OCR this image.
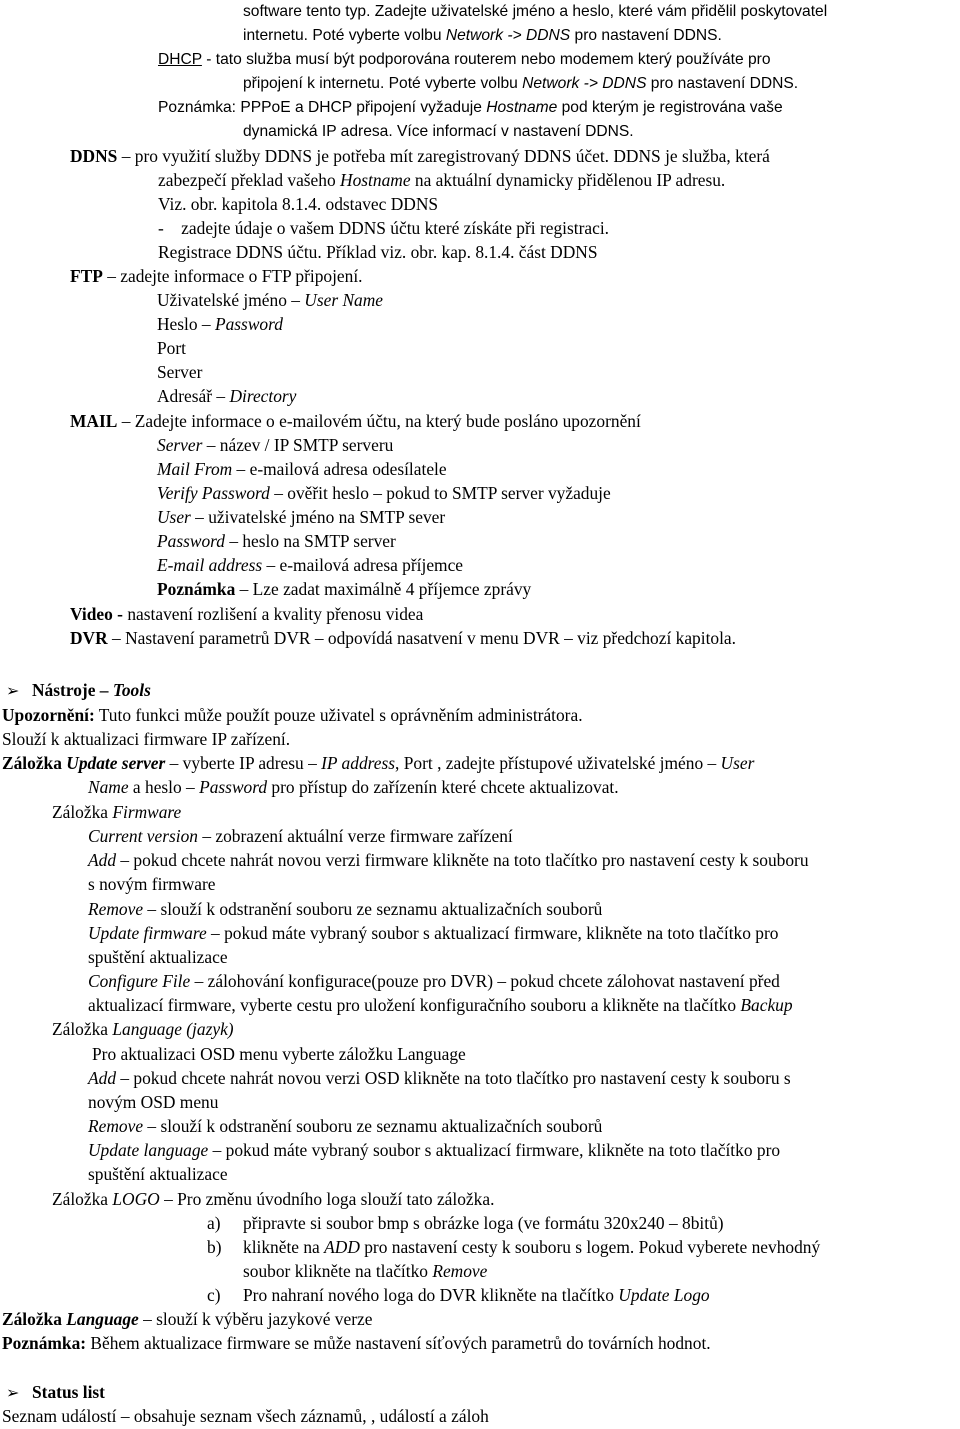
software tento typ. Zadejte uživatelské jméno a heslo, které vám přidělil poskytovatel
internetu. Poté vyberte volbu Network -> DDNS pro nastavení DDNS.
DHCP - tato služba musí být podporována routerem nebo modemem který používáte pro
připojení k internetu. Poté vyberte volbu Network -> DDNS pro nastavení DDNS.
Poznámka: PPPoE a DHCP připojení vyžaduje Hostname pod kterým je registrována vaše
dynamická IP adresa. Více informací v nastavení DDNS.
DDNS – pro využití služby DDNS je potřeba mít zaregistrovaný DDNS účet. DDNS je služba, která
zabezpečí překlad vašeho Hostname na aktuální dynamicky přidělenou IP adresu.
Viz. obr. kapitola 8.1.4. odstavec DDNS
-    zadejte údaje o vašem DDNS účtu které získáte při registraci.
Registrace DDNS účtu. Příklad viz. obr. kap. 8.1.4. část DDNS
FTP – zadejte informace o FTP připojení.
Uživatelské jméno – User Name
Heslo – Password
Port
Server
Adresář – Directory
MAIL – Zadejte informace o e-mailovém účtu, na který bude posláno upozornění
Server – název / IP SMTP serveru
Mail From – e-mailová adresa odesílatele
Verify Password – ověřit heslo – pokud to SMTP server vyžaduje
User – uživatelské jméno na SMTP sever
Password – heslo na SMTP server
E-mail address – e-mailová adresa příjemce
Poznámka – Lze zadat maximálně 4 příjemce zprávy
Video - nastavení rozlišení a kvality přenosu videa
DVR – Nastavení parametrů DVR – odpovídá nasatvení v menu DVR – viz předchozí kapitola.
➢ Nástroje – Tools
Upozornění: Tuto funkci může použít pouze uživatel s oprávněním administrátora.
Slouží k aktualizaci firmware IP zařízení.
Záložka Update server – vyberte IP adresu – IP address, Port , zadejte přístupové uživatelské jméno – User
Name a heslo – Password pro přístup do zařízenín které chcete aktualizovat.
Záložka Firmware
Current version – zobrazení aktuální verze firmware zařízení
Add – pokud chcete nahrát novou verzi firmware klikněte na toto tlačítko pro nastavení cesty k souboru
s novým firmware
Remove – slouží k odstranění souboru ze seznamu aktualizačních souborů
Update firmware – pokud máte vybraný soubor s aktualizací firmware, klikněte na toto tlačítko pro
spuštění aktualizace
Configure File – zálohování konfigurace(pouze pro DVR) – pokud chcete zálohovat nastavení před
aktualizací firmware, vyberte cestu pro uložení konfiguračního souboru a klikněte na tlačítko Backup
Záložka Language (jazyk)
Pro aktualizaci OSD menu vyberte záložku Language
Add – pokud chcete nahrát novou verzi OSD klikněte na toto tlačítko pro nastavení cesty k souboru s
novým OSD menu
Remove – slouží k odstranění souboru ze seznamu aktualizačních souborů
Update language – pokud máte vybraný soubor s aktualizací firmware, klikněte na toto tlačítko pro
spuštění aktualizace
Záložka LOGO – Pro změnu úvodního loga slouží tato záložka.
a) připravte si soubor bmp s obrázke loga (ve formátu 320x240 – 8bitů)
b) klikněte na ADD pro nastavení cesty k souboru s logem. Pokud vyberete nevhodný
soubor klikněte na tlačítko Remove
c) Pro nahraní nového loga do DVR klikněte na tlačítko Update Logo
Záložka Language – slouží k výběru jazykové verze
Poznámka: Během aktualizace firmware se může nastavení síťových parametrů do továrních hodnot.
➢ Status list
Seznam událostí – obsahuje seznam všech záznamů, , událostí a záloh
